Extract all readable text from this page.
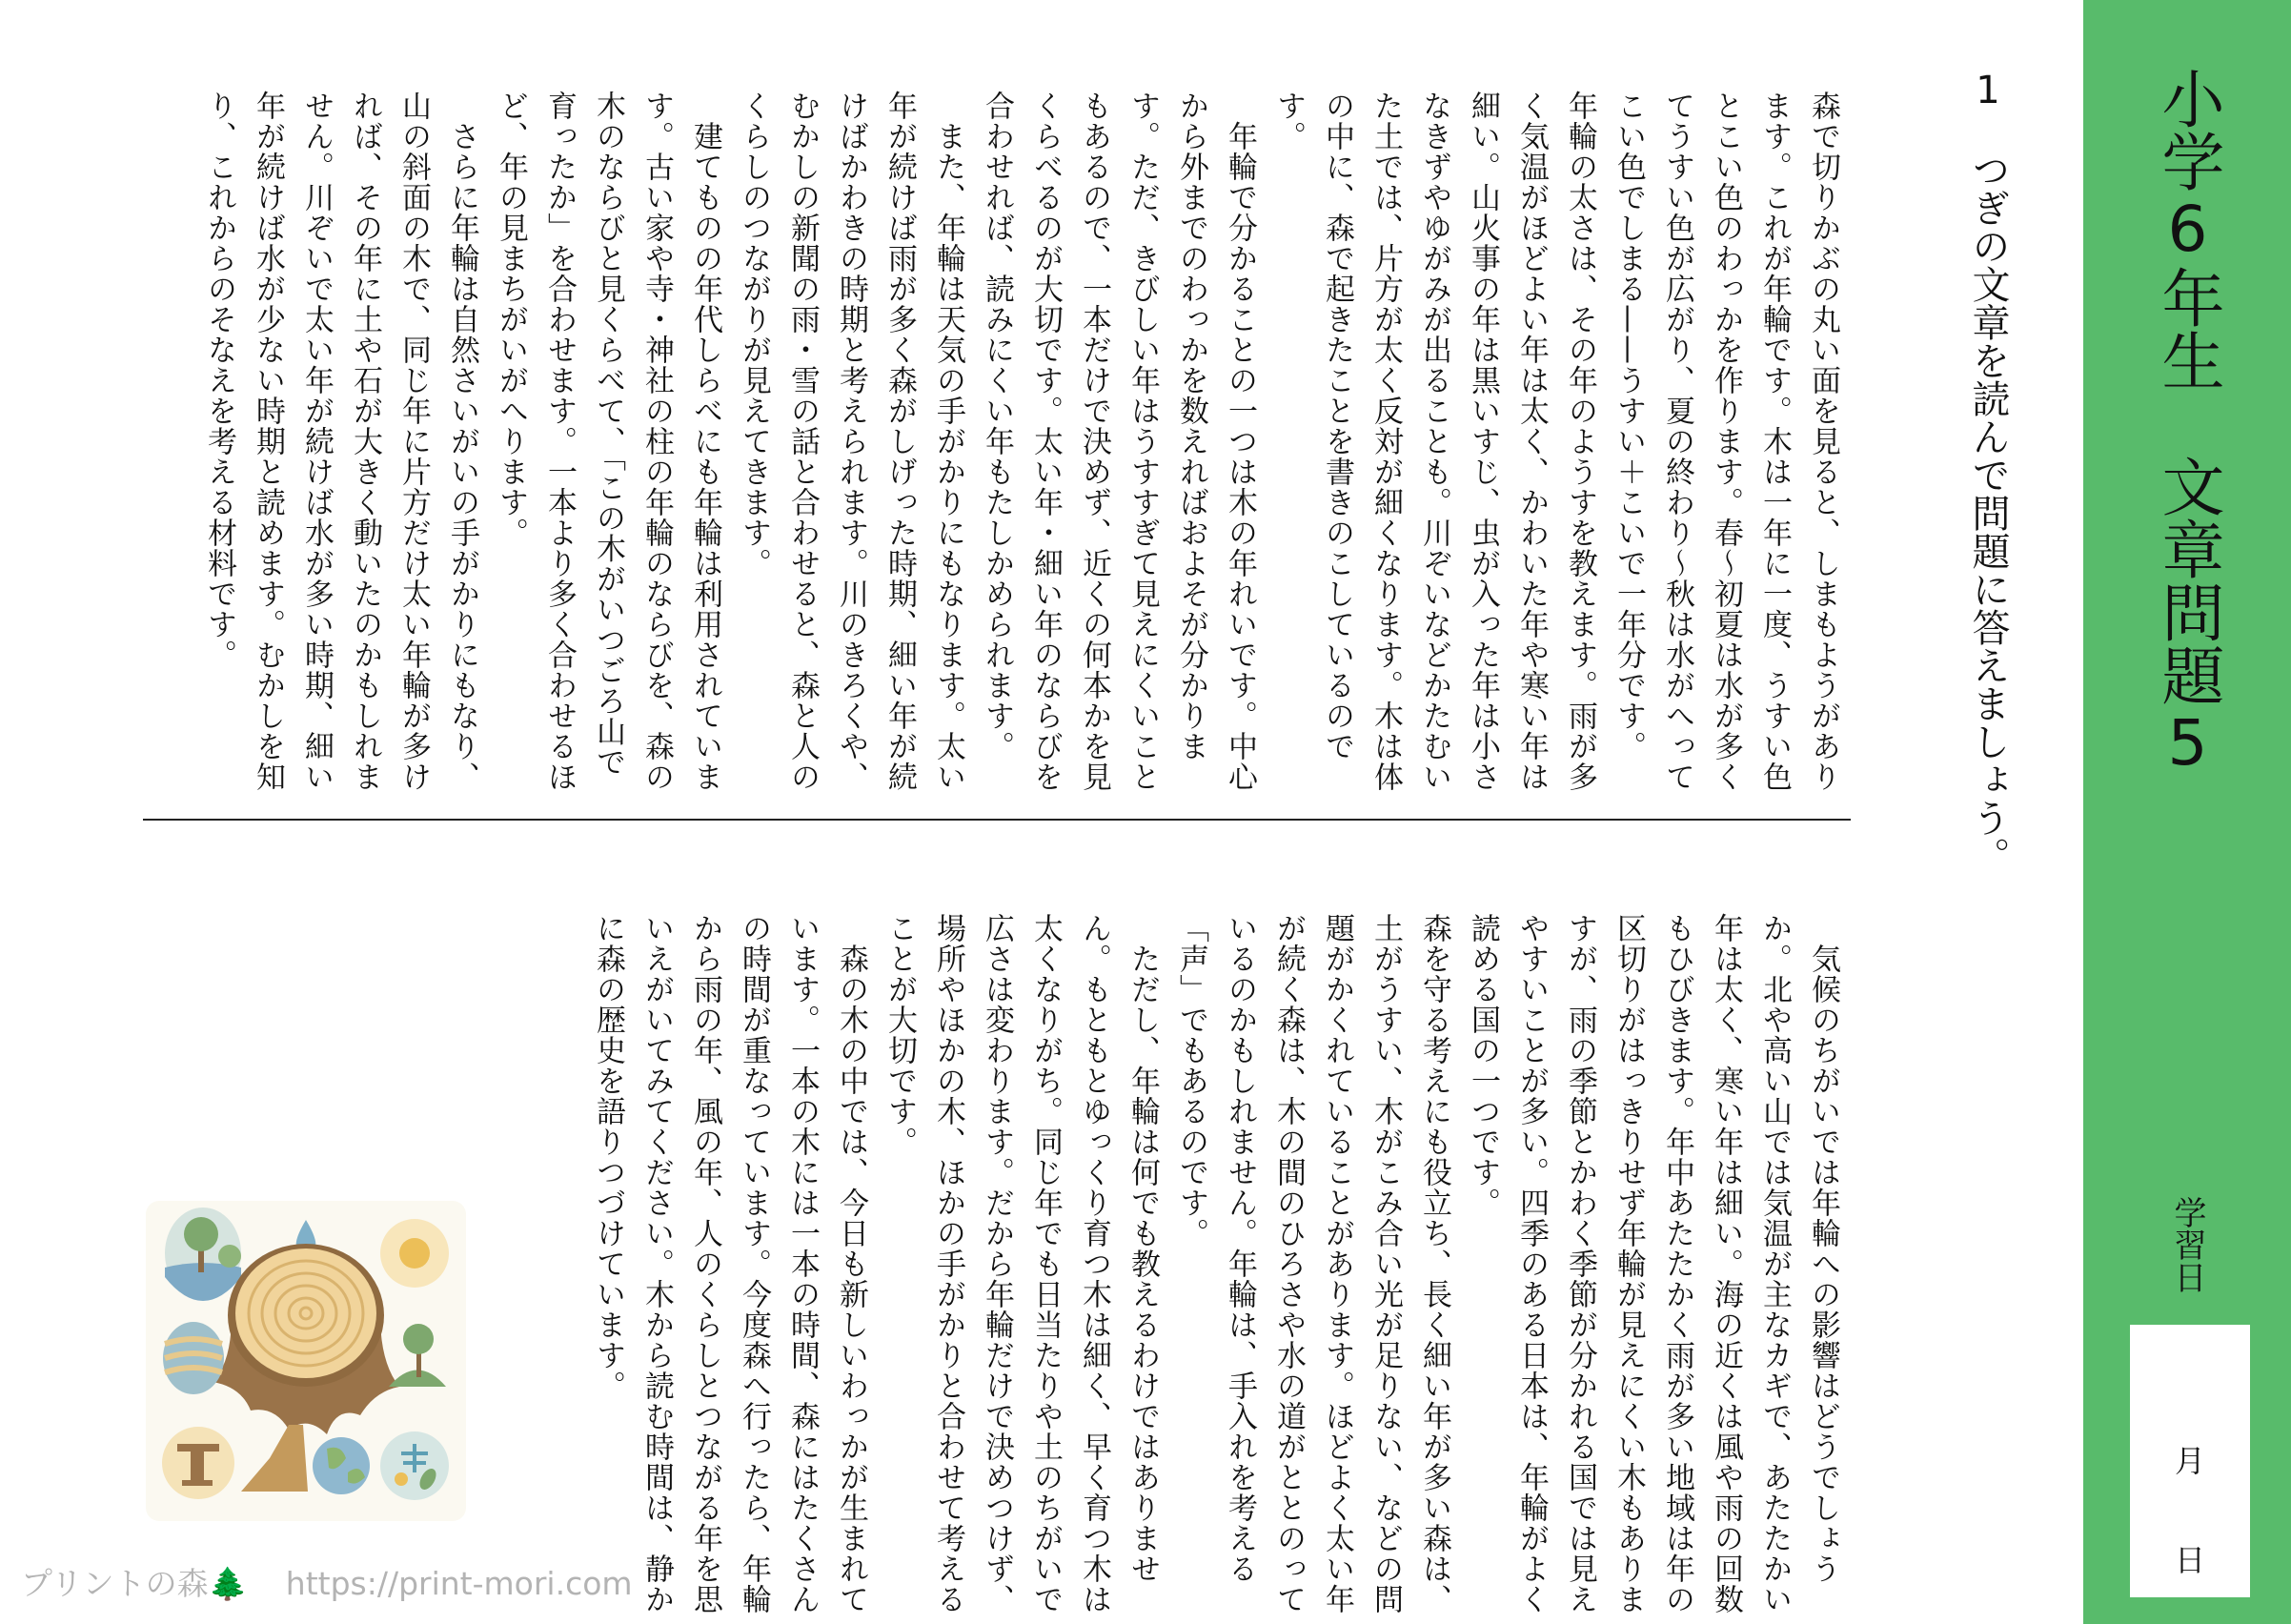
小学6年生　文章問題5
学習日
月
日
1つぎの文章を読んで問題に答えましょう。
森で切りかぶの丸い面を見ると、しまもようがあり
ます。これが年輪です。木は一年に一度、うすい色
とこい色のわっかを作ります。春〜初夏は水が多く
てうすい色が広がり、夏の終わり〜秋は水がへって
こい色でしまる——うすい＋こいで一年分です。
年輪の太さは、その年のようすを教えます。雨が多
く気温がほどよい年は太く、かわいた年や寒い年は
細い。山火事の年は黒いすじ、虫が入った年は小さ
なきずやゆがみが出ることも。川ぞいなどかたむい
た土では、片方が太く反対が細くなります。木は体
の中に、森で起きたことを書きのこしているので
す。
　年輪で分かることの一つは木の年れいです。中心
から外までのわっかを数えればおよそが分かりま
す。ただ、きびしい年はうすすぎて見えにくいこと
もあるので、一本だけで決めず、近くの何本かを見
くらべるのが大切です。太い年・細い年のならびを
合わせれば、読みにくい年もたしかめられます。
　また、年輪は天気の手がかりにもなります。太い
年が続けば雨が多く森がしげった時期、細い年が続
けばかわきの時期と考えられます。川のきろくや、
むかしの新聞の雨・雪の話と合わせると、森と人の
くらしのつながりが見えてきます。
　建てものの年代しらべにも年輪は利用されていま
す。古い家や寺・神社の柱の年輪のならびを、森の
木のならびと見くらべて、「この木がいつごろ山で
育ったか」を合わせます。一本より多く合わせるほ
ど、年の見まちがいがへります。
　さらに年輪は自然さいがいの手がかりにもなり、
山の斜面の木で、同じ年に片方だけ太い年輪が多け
れば、その年に土や石が大きく動いたのかもしれま
せん。川ぞいで太い年が続けば水が多い時期、細い
年が続けば水が少ない時期と読めます。むかしを知
り、これからのそなえを考える材料です。
　気候のちがいでは年輪への影響はどうでしょう
か。北や高い山では気温が主なカギで、あたたかい
年は太く、寒い年は細い。海の近くは風や雨の回数
もひびきます。年中あたたかく雨が多い地域は年の
区切りがはっきりせず年輪が見えにくい木もありま
すが、雨の季節とかわく季節が分かれる国では見え
やすいことが多い。四季のある日本は、年輪がよく
読める国の一つです。
森を守る考えにも役立ち、長く細い年が多い森は、
土がうすい、木がこみ合い光が足りない、などの問
題がかくれていることがあります。ほどよく太い年
が続く森は、木の間のひろさや水の道がととのって
いるのかもしれません。年輪は、手入れを考える
「声」でもあるのです。
　ただし、年輪は何でも教えるわけではありませ
ん。もともとゆっくり育つ木は細く、早く育つ木は
太くなりがち。同じ年でも日当たりや土のちがいで
広さは変わります。だから年輪だけで決めつけず、
場所やほかの木、ほかの手がかりと合わせて考える
ことが大切です。
　森の木の中では、今日も新しいわっかが生まれて
います。一本の木には一本の時間、森にはたくさん
の時間が重なっています。今度森へ行ったら、年輪
から雨の年、風の年、人のくらしとつながる年を思
いえがいてみてください。木から読む時間は、静か
に森の歴史を語りつづけています。
プリントの森🌲 https://print-mori.com
